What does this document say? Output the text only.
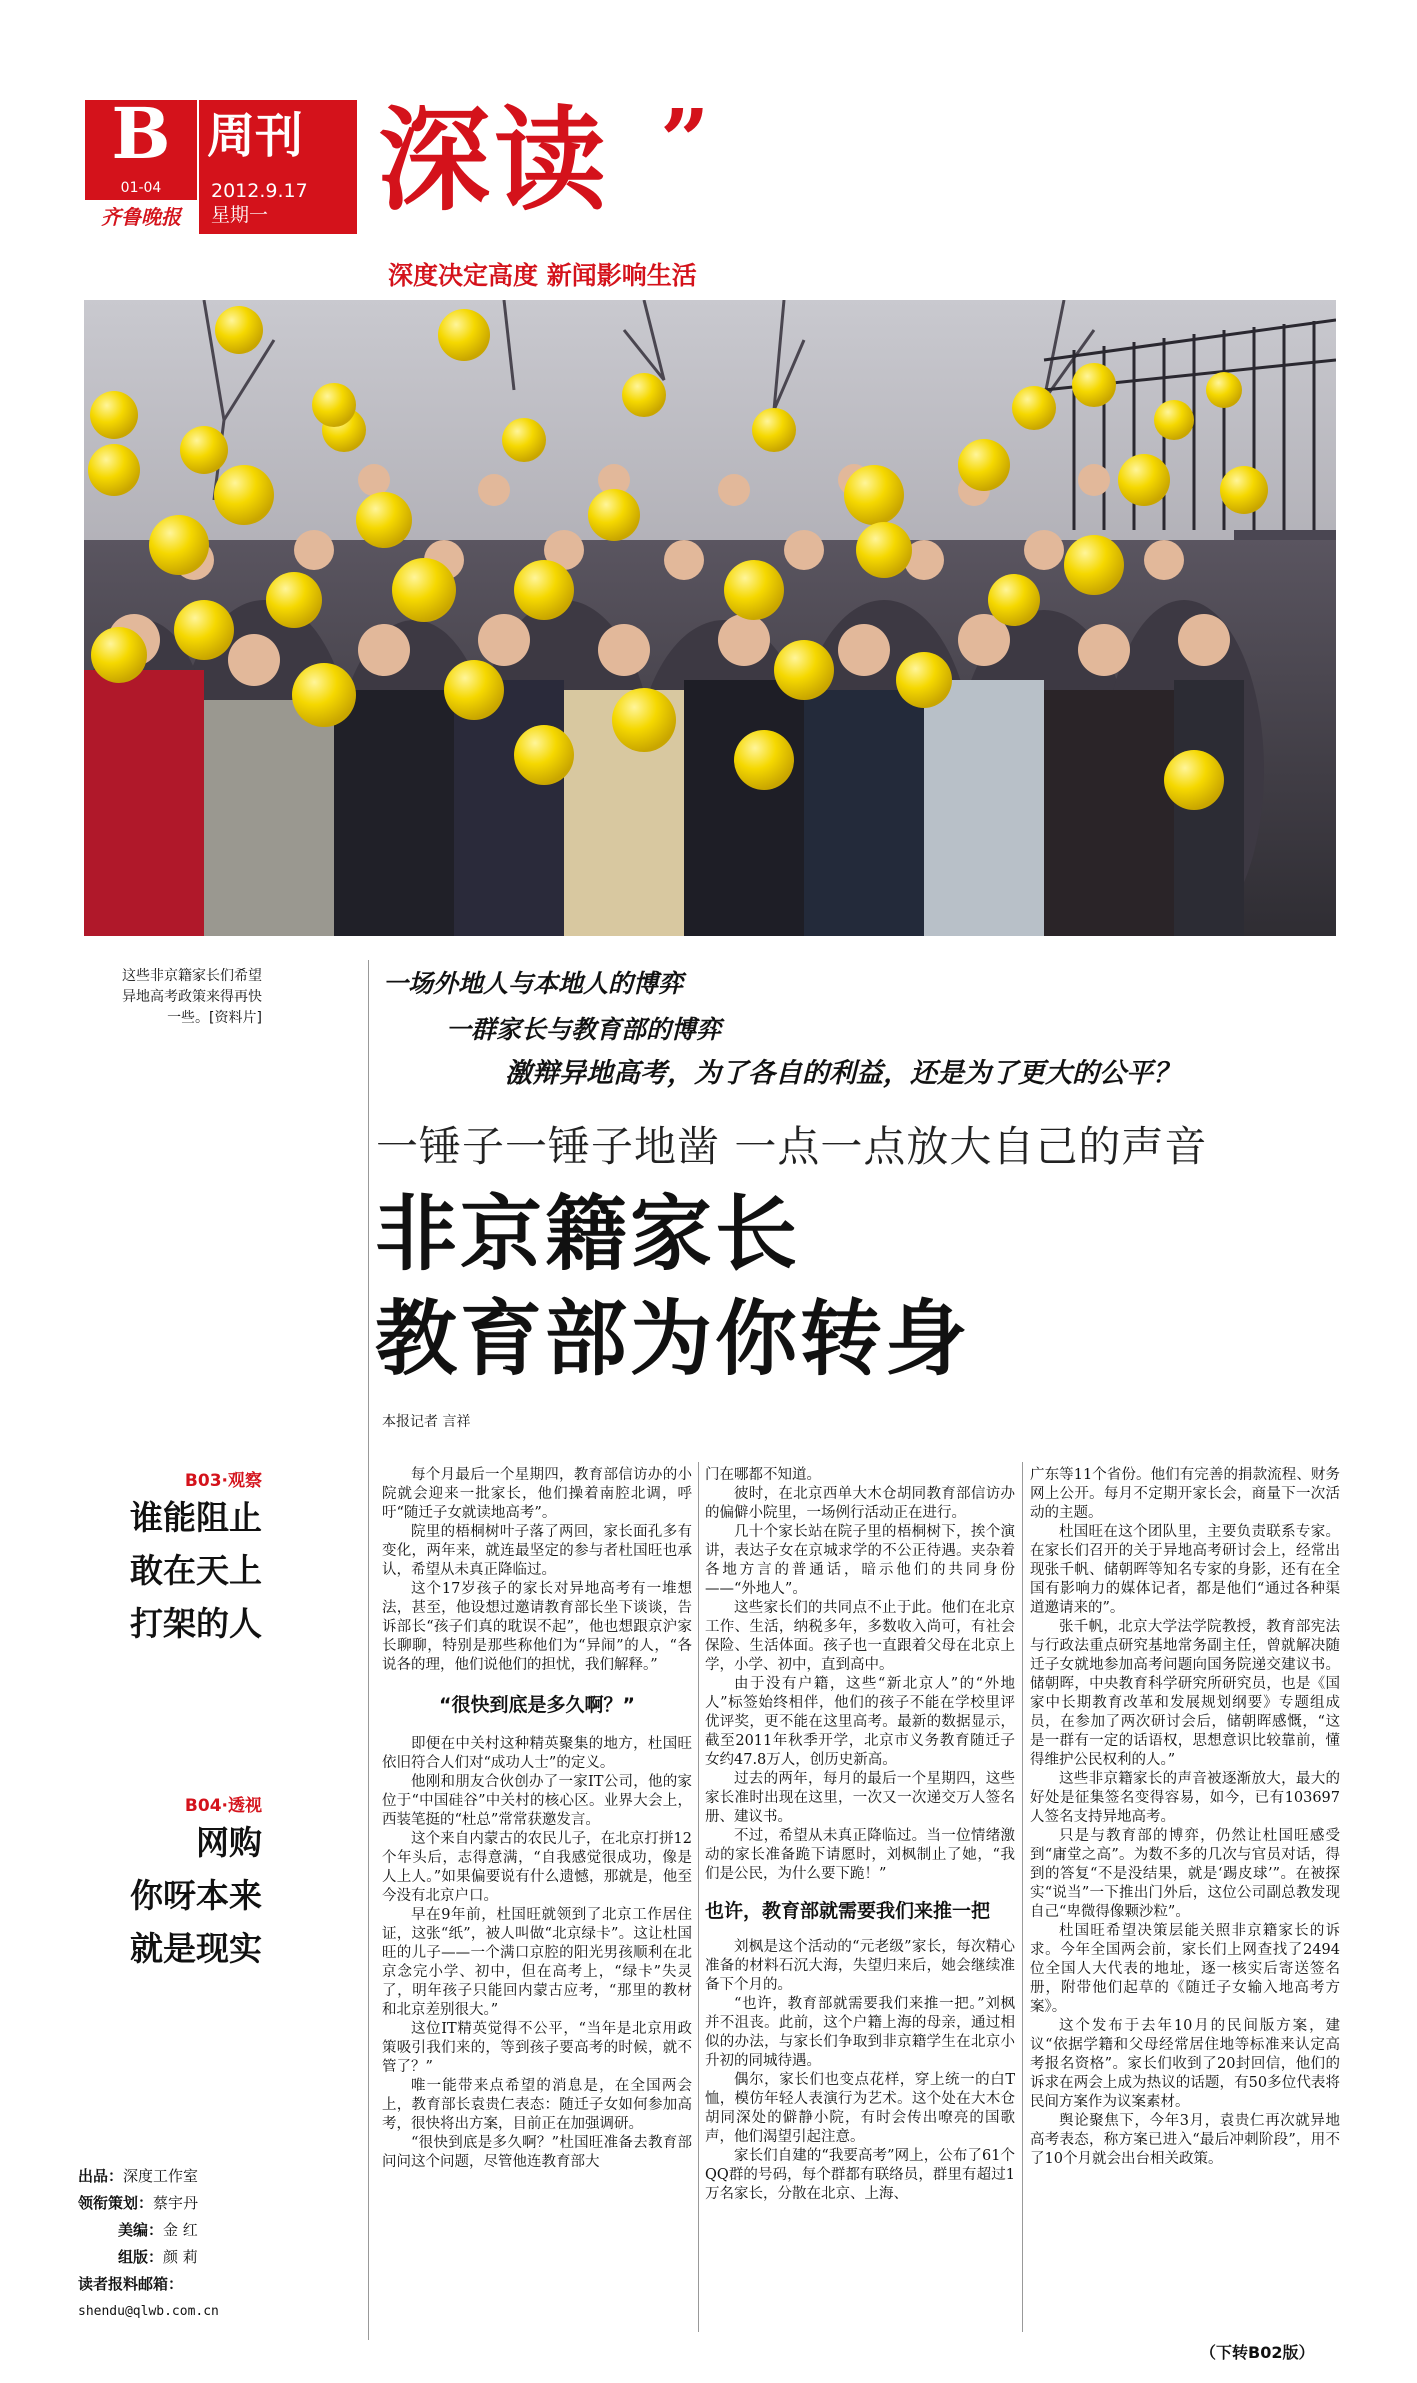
B
01-04
齐鲁晚报
周刊
2012.9.17
星期一 深读 ”
深度决定高度 新闻影响生活
这些非京籍家长们希望异地高考政策来得再快一些。[资料片]
一场外地人与本地人的博弈
一群家长与教育部的博弈
激辩异地高考，为了各自的利益，还是为了更大的公平？
一锤子一锤子地凿 一点一点放大自己的声音
非京籍家长
教育部为你转身
本报记者 言祥
B03·观察
谁能阻止
敢在天上
打架的人
B04·透视
网购
你呀本来
就是现实
出品：深度工作室
领衔策划：蔡宇丹
美编：金 红
组版：颜 莉
读者报料邮箱：
shendu@qlwb.com.cn

每个月最后一个星期四，教育部信访办的小院就会迎来一批家长，他们操着南腔北调，呼吁“随迁子女就读地高考”。

院里的梧桐树叶子落了两回，家长面孔多有变化，两年来，就连最坚定的参与者杜国旺也承认，希望从未真正降临过。

这个17岁孩子的家长对异地高考有一堆想法，甚至，他设想过邀请教育部长坐下谈谈，告诉部长“孩子们真的耽误不起”，他也想跟京沪家长聊聊，特别是那些称他们为“异闹”的人，“各说各的理，他们说他们的担忧，我们解释。”

“很快到底是多久啊？”

即便在中关村这种精英聚集的地方，杜国旺依旧符合人们对“成功人士”的定义。

他刚和朋友合伙创办了一家IT公司，他的家位于“中国硅谷”中关村的核心区。业界大会上，西装笔挺的“杜总”常常获邀发言。

这个来自内蒙古的农民儿子，在北京打拼12个年头后，志得意满，“自我感觉很成功，像是人上人。”如果偏要说有什么遗憾，那就是，他至今没有北京户口。

早在9年前，杜国旺就领到了北京工作居住证，这张“纸”，被人叫做“北京绿卡”。这让杜国旺的儿子——一个满口京腔的阳光男孩顺利在北京念完小学、初中，但在高考上，“绿卡”失灵了，明年孩子只能回内蒙古应考，“那里的教材和北京差别很大。”

这位IT精英觉得不公平，“当年是北京用政策吸引我们来的，等到孩子要高考的时候，就不管了？”

唯一能带来点希望的消息是，在全国两会上，教育部长袁贵仁表态：随迁子女如何参加高考，很快将出方案，目前正在加强调研。

“很快到底是多久啊？”杜国旺准备去教育部问问这个问题，尽管他连教育部大

门在哪都不知道。

彼时，在北京西单大木仓胡同教育部信访办的偏僻小院里，一场例行活动正在进行。

几十个家长站在院子里的梧桐树下，挨个演讲，表达子女在京城求学的不公正待遇。夹杂着各地方言的普通话，暗示他们的共同身份——“外地人”。

这些家长们的共同点不止于此。他们在北京工作、生活，纳税多年，多数收入尚可，有社会保险、生活体面。孩子也一直跟着父母在北京上学，小学、初中，直到高中。

由于没有户籍，这些“新北京人”的“外地人”标签始终相伴，他们的孩子不能在学校里评优评奖，更不能在这里高考。最新的数据显示，截至2011年秋季开学，北京市义务教育随迁子女约47.8万人，创历史新高。

过去的两年，每月的最后一个星期四，这些家长准时出现在这里，一次又一次递交万人签名册、建议书。

不过，希望从未真正降临过。当一位情绪激动的家长准备跪下请愿时，刘枫制止了她，“我们是公民，为什么要下跪！”

也许，教育部就需要我们来推一把

刘枫是这个活动的“元老级”家长，每次精心准备的材料石沉大海，失望归来后，她会继续准备下个月的。

“也许，教育部就需要我们来推一把。”刘枫并不沮丧。此前，这个户籍上海的母亲，通过相似的办法，与家长们争取到非京籍学生在北京小升初的同城待遇。

偶尔，家长们也变点花样，穿上统一的白T恤，模仿年轻人表演行为艺术。这个处在大木仓胡同深处的僻静小院，有时会传出嘹亮的国歌声，他们渴望引起注意。

家长们自建的“我要高考”网上，公布了61个QQ群的号码，每个群都有联络员，群里有超过1万名家长，分散在北京、上海、

广东等11个省份。他们有完善的捐款流程、财务网上公开。每月不定期开家长会，商量下一次活动的主题。

杜国旺在这个团队里，主要负责联系专家。在家长们召开的关于异地高考研讨会上，经常出现张千帆、储朝晖等知名专家的身影，还有在全国有影响力的媒体记者，都是他们“通过各种渠道邀请来的”。

张千帆，北京大学法学院教授，教育部宪法与行政法重点研究基地常务副主任，曾就解决随迁子女就地参加高考问题向国务院递交建议书。储朝晖，中央教育科学研究所研究员，也是《国家中长期教育改革和发展规划纲要》专题组成员，在参加了两次研讨会后，储朝晖感慨，“这是一群有一定的话语权，思想意识比较靠前，懂得维护公民权利的人。”

这些非京籍家长的声音被逐渐放大，最大的好处是征集签名变得容易，如今，已有103697人签名支持异地高考。

只是与教育部的博弈，仍然让杜国旺感受到“庸堂之高”。为数不多的几次与官员对话，得到的答复“不是没结果，就是‘踢皮球’”。在被探实“说当”一下推出门外后，这位公司副总教发现自己“卑微得像颗沙粒”。

杜国旺希望决策层能关照非京籍家长的诉求。今年全国两会前，家长们上网查找了2494位全国人大代表的地址，逐一核实后寄送签名册，附带他们起草的《随迁子女输入地高考方案》。

这个发布于去年10月的民间版方案，建议“依据学籍和父母经常居住地等标准来认定高考报名资格”。家长们收到了20封回信，他们的诉求在两会上成为热议的话题，有50多位代表将民间方案作为议案素材。

舆论聚焦下，今年3月，袁贵仁再次就异地高考表态，称方案已进入“最后冲刺阶段”，用不了10个月就会出台相关政策。

（下转B02版）
